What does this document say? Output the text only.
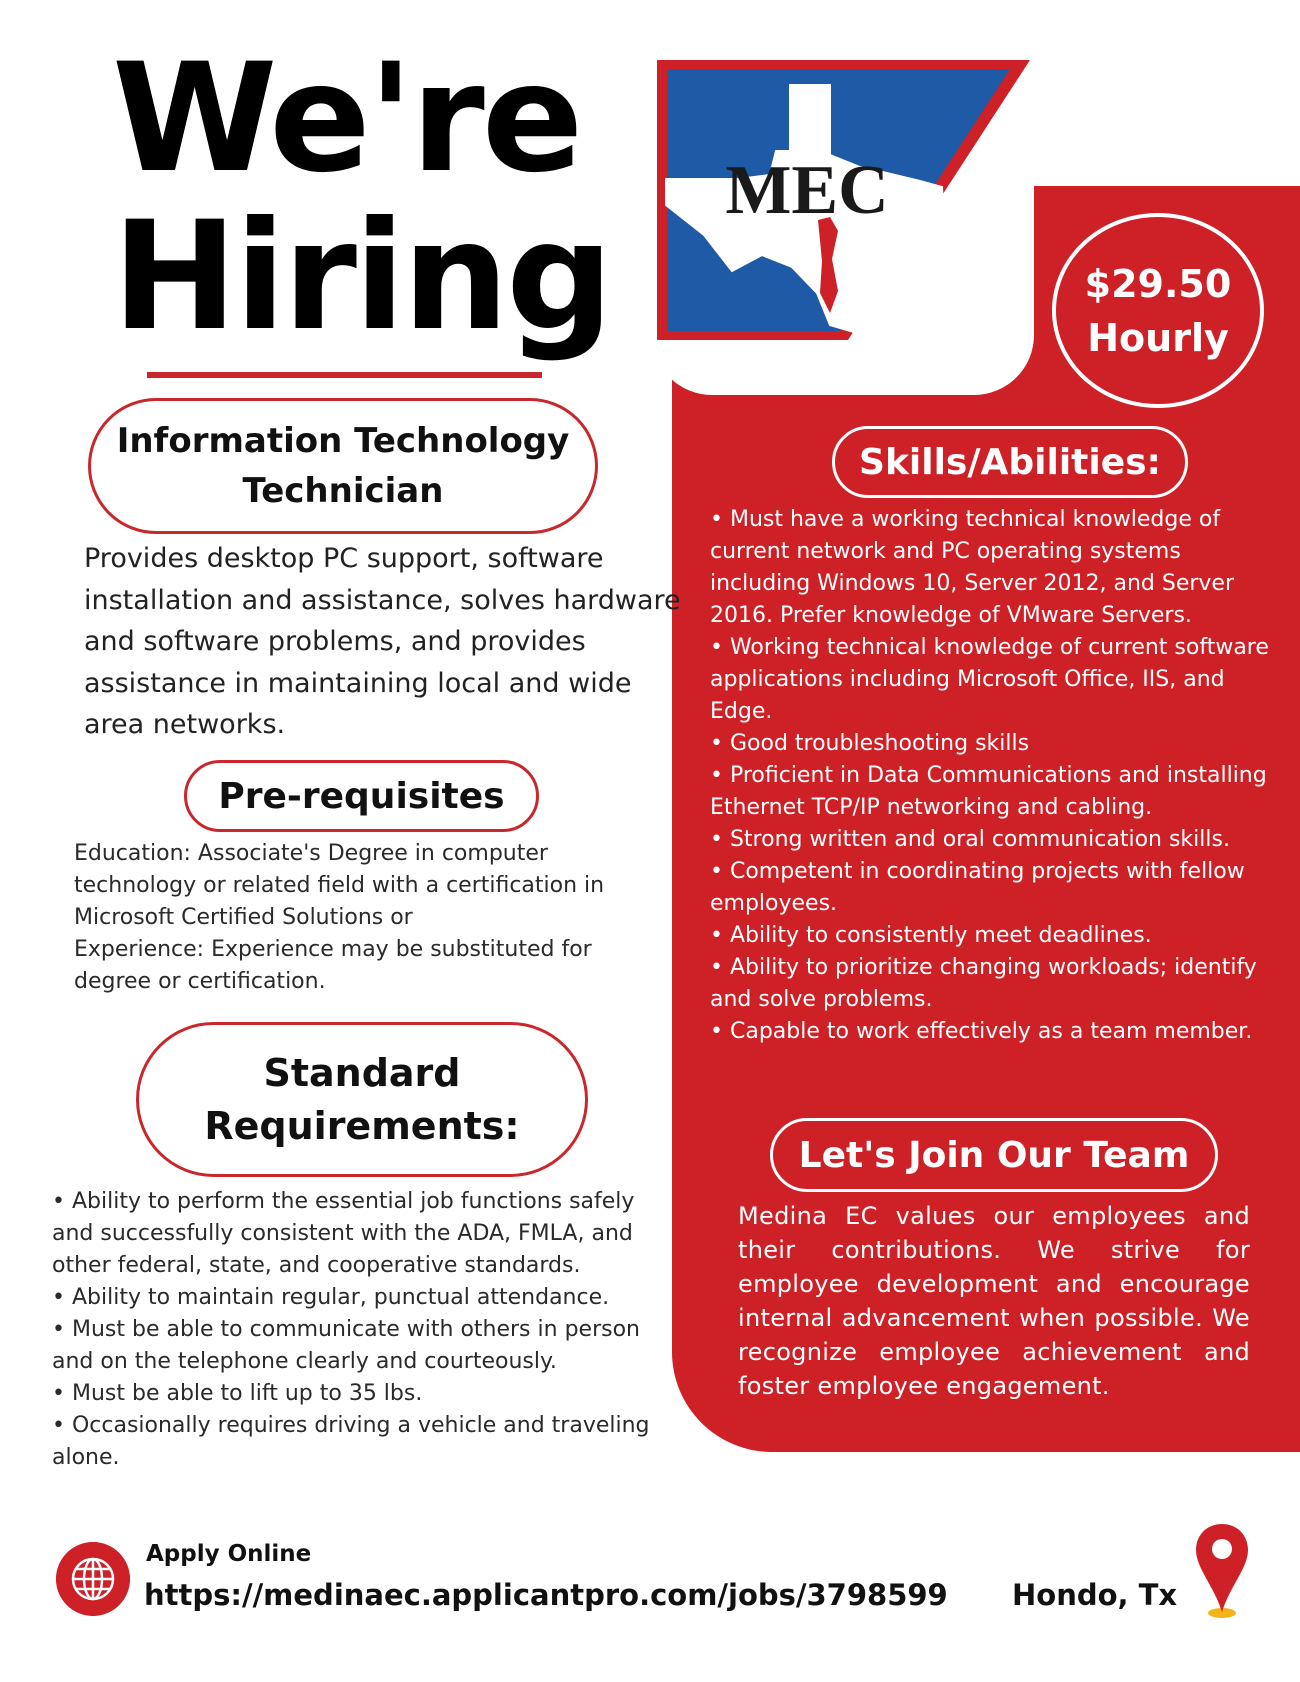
We're
Hiring MEC
$29.50
Hourly
Information Technology
Technician

Provides desktop PC support, software installation and assistance, solves hardware and software problems, and provides assistance in maintaining local and wide area networks.

Pre-requisites
Education: Associate's Degree in computer technology or related field with a certification in Microsoft Certified Solutions or
Experience: Experience may be substituted for degree or certification.
Standard
Requirements:
• Ability to perform the essential job functions safely and successfully consistent with the ADA, FMLA, and other federal, state, and cooperative standards.
• Ability to maintain regular, punctual attendance.
• Must be able to communicate with others in person and on the telephone clearly and courteously.
• Must be able to lift up to 35 lbs.
• Occasionally requires driving a vehicle and traveling alone.
Skills/Abilities:
• Must have a working technical knowledge of current network and PC operating systems including Windows 10, Server 2012, and Server 2016. Prefer knowledge of VMware Servers.
• Working technical knowledge of current software applications including Microsoft Office, IIS, and Edge.
• Good troubleshooting skills
• Proficient in Data Communications and installing Ethernet TCP/IP networking and cabling.
• Strong written and oral communication skills.
• Competent in coordinating projects with fellow employees.
• Ability to consistently meet deadlines.
• Ability to prioritize changing workloads; identify and solve problems.
• Capable to work effectively as a team member.
Let's Join Our Team

Medina EC values our employees and their contributions. We strive for employee development and encourage internal advancement when possible. We recognize employee achievement and foster employee engagement.

Apply Online
https://medinaec.applicantpro.com/jobs/3798599 Hondo, Tx
